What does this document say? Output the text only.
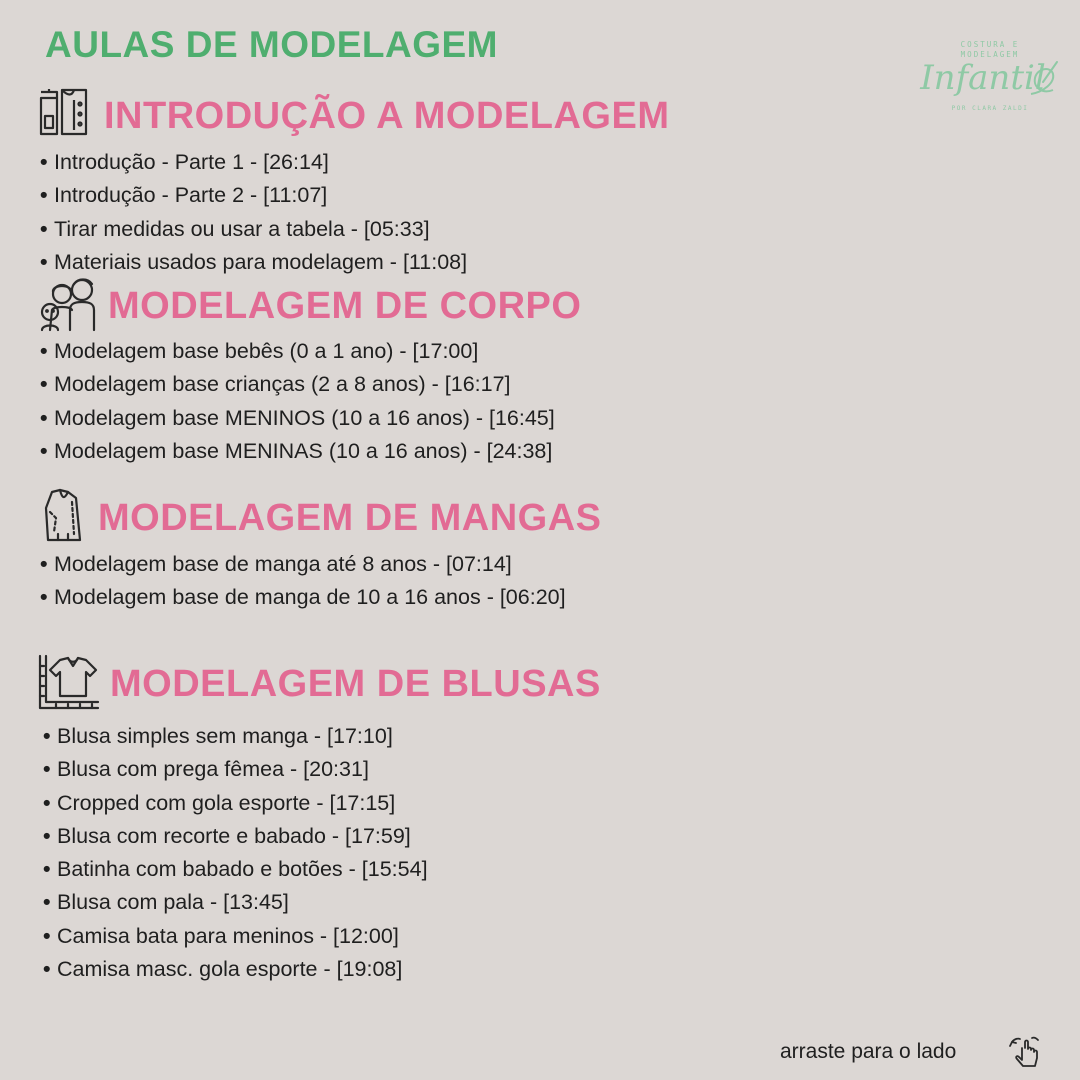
AULAS DE MODELAGEM	COSTURA E
MODELAGEM
Infantil
POR CLARA ZALDI
INTRODUÇÃO A MODELAGEM
• Introdução - Parte 1 - [26:14]
• Introdução - Parte 2 - [11:07]
• Tirar medidas ou usar a tabela - [05:33]
• Materiais usados para modelagem - [11:08]
MODELAGEM DE CORPO
• Modelagem base bebês (0 a 1 ano) - [17:00]
• Modelagem base crianças (2 a 8 anos) - [16:17]
• Modelagem base MENINOS (10 a 16 anos) - [16:45]
• Modelagem base MENINAS (10 a 16 anos) - [24:38]
MODELAGEM DE MANGAS
• Modelagem base de manga até 8 anos - [07:14]
• Modelagem base de manga de 10 a 16 anos - [06:20]
MODELAGEM DE BLUSAS
• Blusa simples sem manga - [17:10]
• Blusa com prega fêmea - [20:31]
• Cropped com gola esporte - [17:15]
• Blusa com recorte e babado - [17:59]
• Batinha com babado e botões - [15:54]
• Blusa com pala - [13:45]
• Camisa bata para meninos - [12:00]
• Camisa masc. gola esporte - [19:08]
arraste para o lado
